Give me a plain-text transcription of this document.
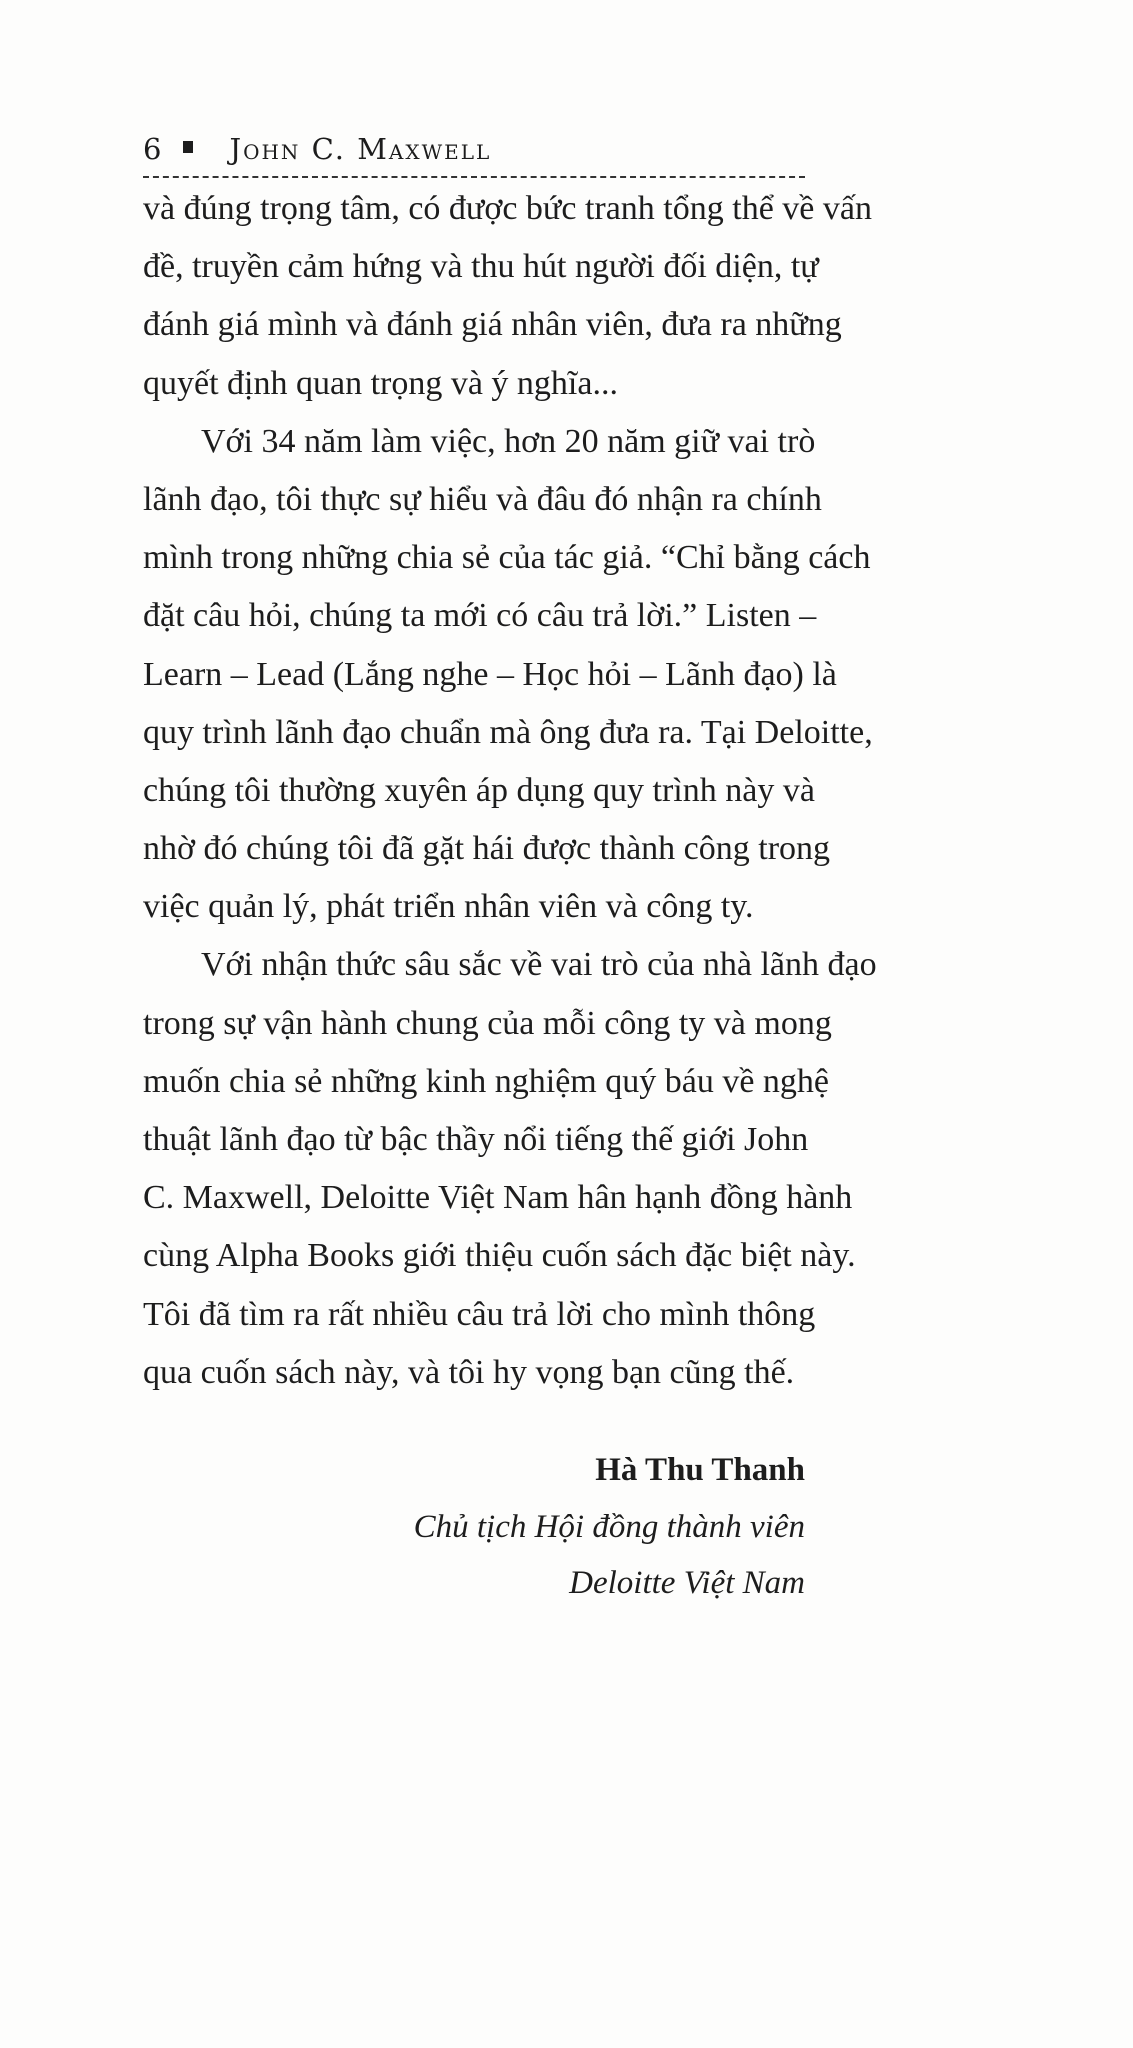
6 John C. Maxwell
và đúng trọng tâm, có được bức tranh tổng thể về vấn
đề, truyền cảm hứng và thu hút người đối diện, tự
đánh giá mình và đánh giá nhân viên, đưa ra những
quyết định quan trọng và ý nghĩa...
Với 34 năm làm việc, hơn 20 năm giữ vai trò
lãnh đạo, tôi thực sự hiểu và đâu đó nhận ra chính
mình trong những chia sẻ của tác giả. “Chỉ bằng cách
đặt câu hỏi, chúng ta mới có câu trả lời.” Listen –
Learn – Lead (Lắng nghe – Học hỏi – Lãnh đạo) là
quy trình lãnh đạo chuẩn mà ông đưa ra. Tại Deloitte,
chúng tôi thường xuyên áp dụng quy trình này và
nhờ đó chúng tôi đã gặt hái được thành công trong
việc quản lý, phát triển nhân viên và công ty.
Với nhận thức sâu sắc về vai trò của nhà lãnh đạo
trong sự vận hành chung của mỗi công ty và mong
muốn chia sẻ những kinh nghiệm quý báu về nghệ
thuật lãnh đạo từ bậc thầy nổi tiếng thế giới John
C. Maxwell, Deloitte Việt Nam hân hạnh đồng hành
cùng Alpha Books giới thiệu cuốn sách đặc biệt này.
Tôi đã tìm ra rất nhiều câu trả lời cho mình thông
qua cuốn sách này, và tôi hy vọng bạn cũng thế.
Hà Thu Thanh
Chủ tịch Hội đồng thành viên
Deloitte Việt Nam
